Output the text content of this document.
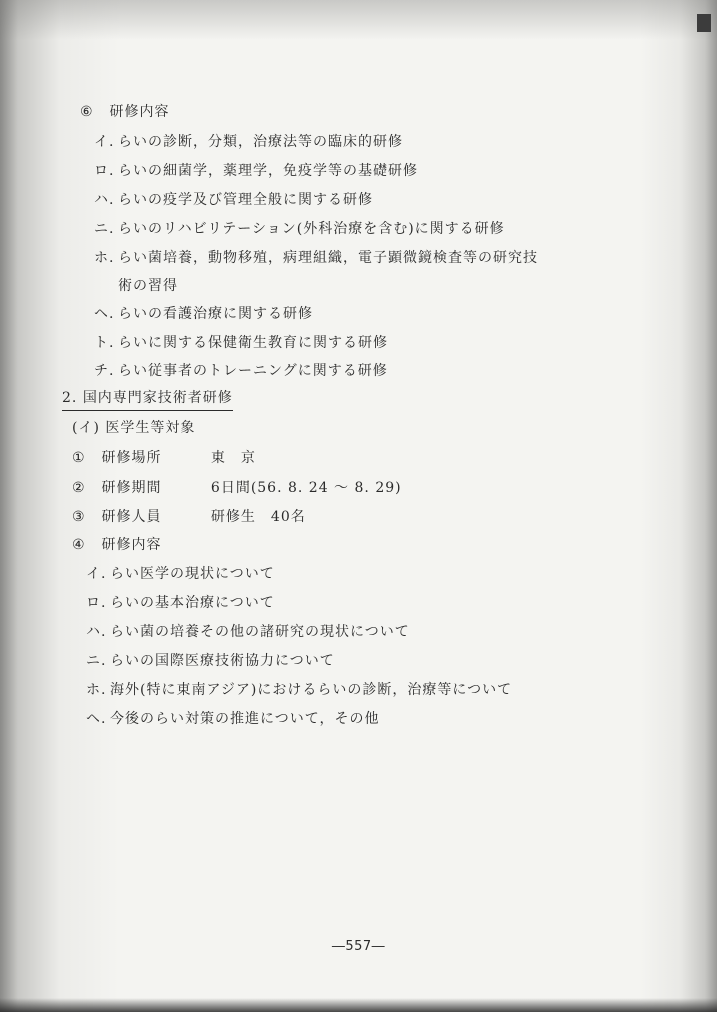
⑥ 研修内容
イ. らいの診断，分類，治療法等の臨床的研修
ロ. らいの細菌学，薬理学，免疫学等の基礎研修
ハ. らいの疫学及び管理全般に関する研修
ニ. らいのリハビリテーション(外科治療を含む)に関する研修
ホ. らい菌培養，動物移殖，病理組織，電子顕微鏡検査等の研究技
術の習得
ヘ. らいの看護治療に関する研修
ト. らいに関する保健衛生教育に関する研修
チ. らい従事者のトレーニングに関する研修
2. 国内専門家技術者研修
(イ) 医学生等対象
① 研修場所	東　京
② 研修期間	6日間(56. 8. 24 ～ 8. 29)
③ 研修人員	研修生　40名
④ 研修内容
イ. らい医学の現状について
ロ. らいの基本治療について
ハ. らい菌の培養その他の諸研究の現状について
ニ. らいの国際医療技術協力について
ホ. 海外(特に東南アジア)におけるらいの診断，治療等について
ヘ. 今後のらい対策の推進について，その他
―557―
